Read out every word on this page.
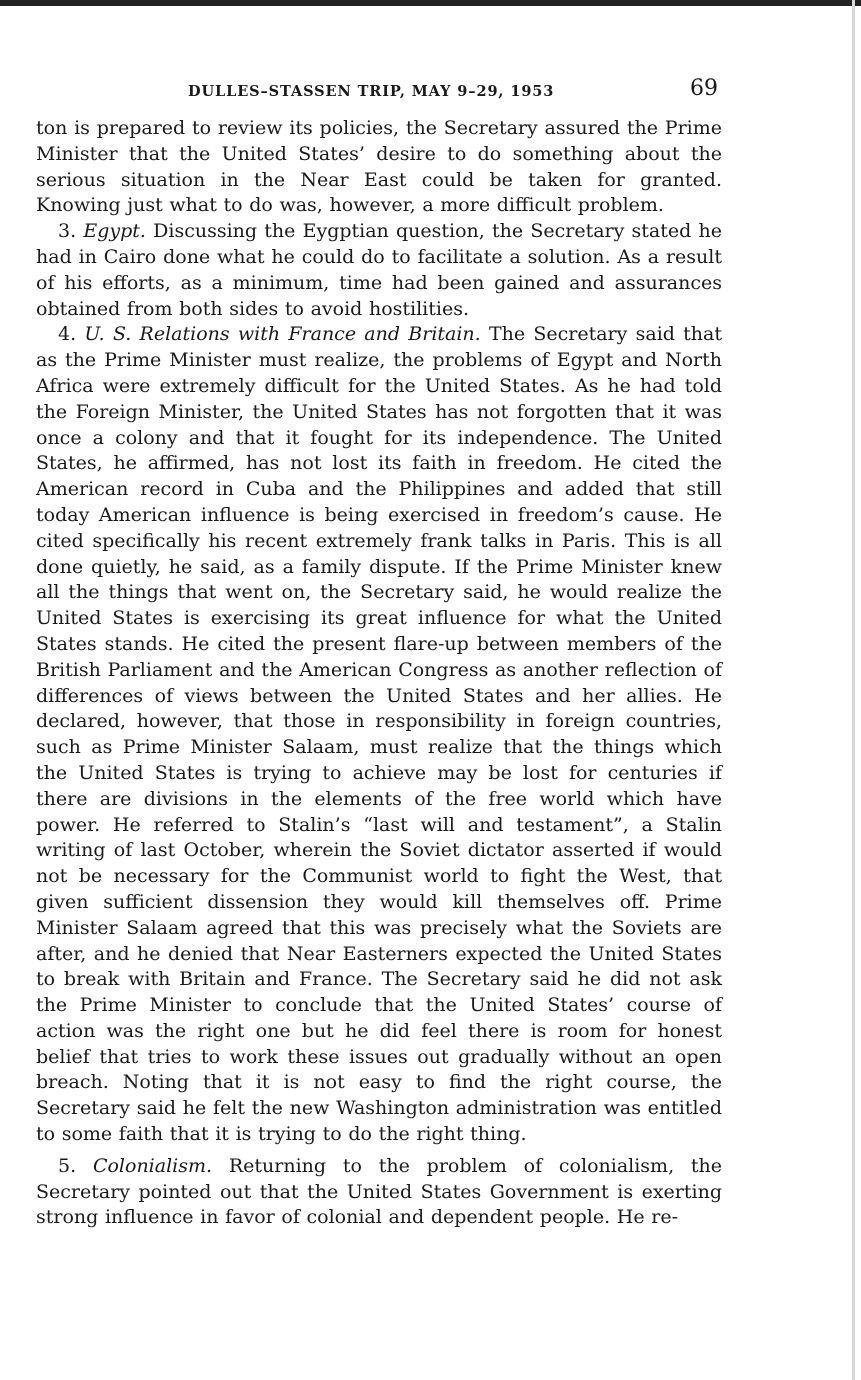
DULLES–STASSEN TRIP, MAY 9–29, 1953	69

ton is prepared to review its policies, the Secretary assured the Prime Minister that the United States’ desire to do something about the serious situation in the Near East could be taken for granted. Knowing just what to do was, however, a more difficult problem.

3. Egypt. Discussing the Eygptian question, the Secretary stated he had in Cairo done what he could do to facilitate a solution. As a result of his efforts, as a minimum, time had been gained and assurances obtained from both sides to avoid hostilities.

4. U. S. Relations with France and Britain. The Secretary said that as the Prime Minister must realize, the problems of Egypt and North Africa were extremely difficult for the United States. As he had told the Foreign Minister, the United States has not forgotten that it was once a colony and that it fought for its independence. The United States, he affirmed, has not lost its faith in freedom. He cited the American record in Cuba and the Philippines and added that still today American influence is being exercised in freedom’s cause. He cited specifically his recent extremely frank talks in Paris. This is all done quietly, he said, as a family dispute. If the Prime Minister knew all the things that went on, the Secretary said, he would realize the United States is exercising its great influence for what the United States stands. He cited the present flare-up between members of the British Parliament and the American Congress as another reflection of differences of views between the United States and her allies. He declared, however, that those in responsibility in foreign countries, such as Prime Minister Salaam, must realize that the things which the United States is trying to achieve may be lost for centuries if there are divisions in the elements of the free world which have power. He referred to Stalin’s “last will and testament”, a Stalin writing of last October, wherein the Soviet dictator asserted if would not be necessary for the Communist world to fight the West, that given sufficient dissension they would kill themselves off. Prime Minister Salaam agreed that this was precisely what the Soviets are after, and he denied that Near Easterners expected the United States to break with Britain and France. The Secretary said he did not ask the Prime Minister to conclude that the United States’ course of action was the right one but he did feel there is room for honest belief that tries to work these issues out gradually without an open breach. Noting that it is not easy to find the right course, the Secretary said he felt the new Washington administration was entitled to some faith that it is trying to do the right thing.

5. Colonialism. Returning to the problem of colonialism, the Secretary pointed out that the United States Government is exerting strong influence in favor of colonial and dependent people. He re-
